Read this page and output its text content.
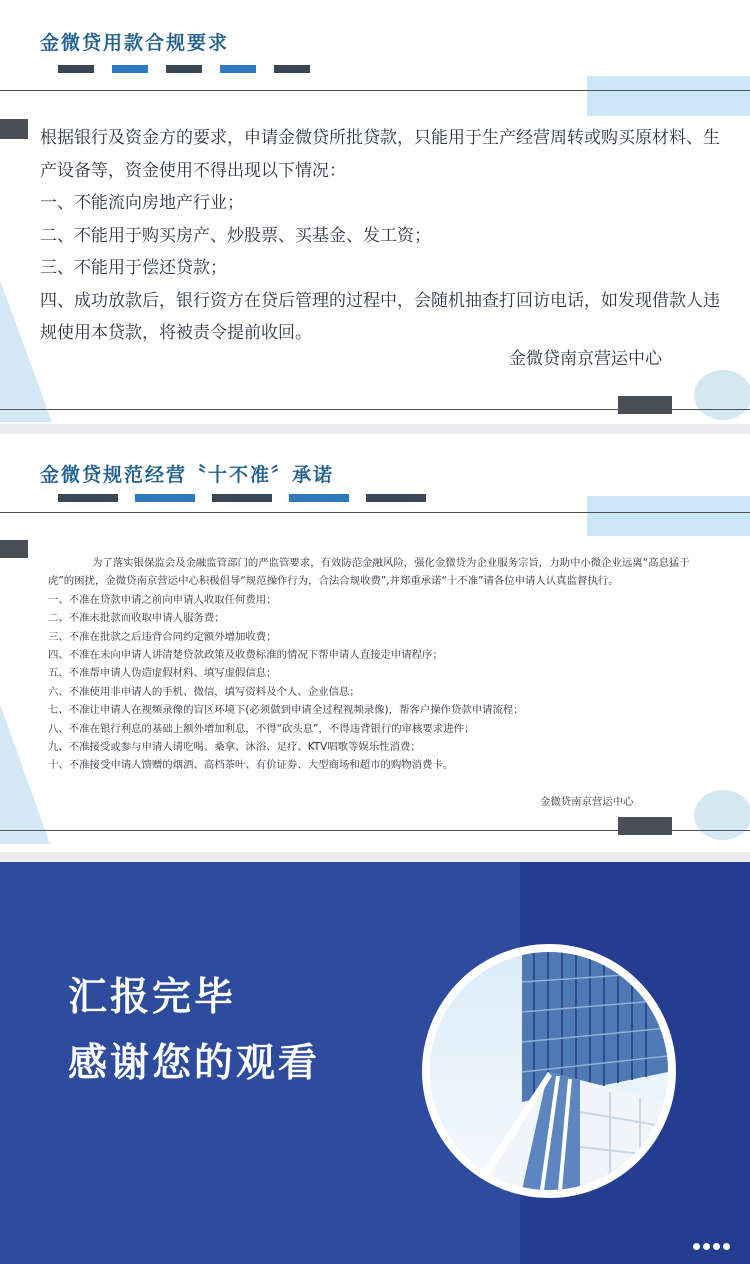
金微贷用款合规要求

根据银行及资金方的要求，申请金微贷所批贷款，只能用于生产经营周转或购买原材料、生产设备等，资金使用不得出现以下情况：

一、不能流向房地产行业；

二、不能用于购买房产、炒股票、买基金、发工资；

三、不能用于偿还贷款；

四、成功放款后，银行资方在贷后管理的过程中，会随机抽查打回访电话，如发现借款人违规使用本贷款，将被责令提前收回。

金微贷南京营运中心
金微贷规范经营〝十不准〞承诺

为了落实银保监会及金融监管部门的严监管要求，有效防范金融风险，强化金微贷为企业服务宗旨，力助中小微企业远离“高息猛于虎”的困扰，金微贷南京营运中心积极倡导“规范操作行为，合法合规收费”,并郑重承诺“十不准”请各位申请人认真监督执行。

一、不准在贷款申请之前向申请人收取任何费用；

二、不准未批款而收取申请人服务费；

三、不准在批款之后违背合同约定额外增加收费；

四、不准在未向申请人讲清楚贷款政策及收费标准的情况下帮申请人直接走申请程序；

五、不准帮申请人伪造虚假材料、填写虚假信息；

六、不准使用非申请人的手机、微信，填写资料及个人、企业信息；

七、不准让申请人在视频录像的盲区环境下(必须做到申请全过程视频录像)，帮客户操作贷款申请流程；

八、不准在银行利息的基础上额外增加利息，不得“砍头息”，不得违背银行的审核要求进件；

九、不准接受或参与申请人请吃喝、桑拿、沐浴、足疗、KTV唱歌等娱乐性消费；

十、不准接受申请人馈赠的烟酒、高档茶叶、有价证券、大型商场和超市的购物消费卡。

金微贷南京营运中心
汇报完毕
感谢您的观看
